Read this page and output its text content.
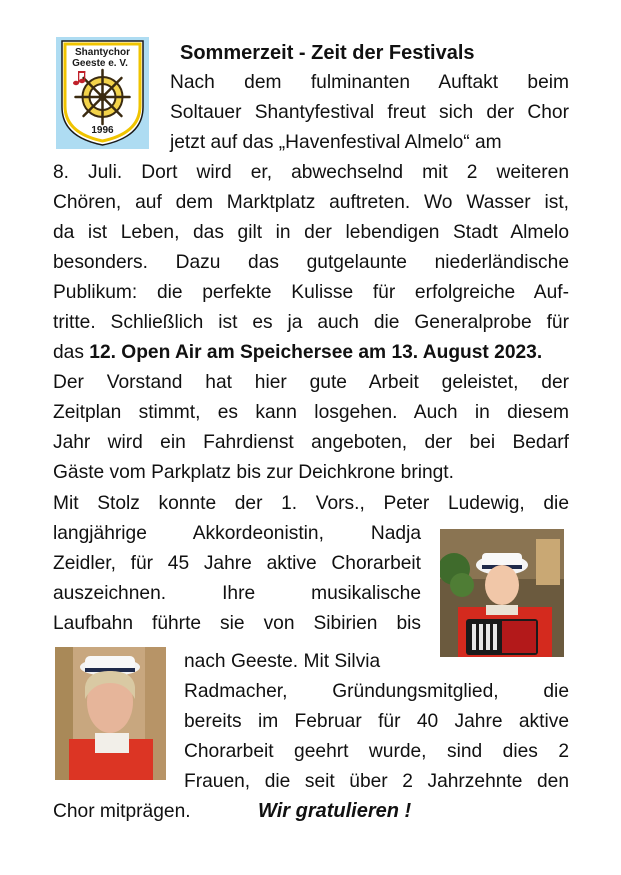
Shantychor
Geeste e. V.
1996
Sommerzeit - Zeit der Festivals
Nach dem fulminanten Auftakt beim
Soltauer Shantyfestival freut sich der Chor
jetzt auf das „Havenfestival Almelo“ am
8. Juli. Dort wird er, abwechselnd mit 2 weiteren
Chören, auf dem Marktplatz auftreten. Wo Wasser ist,
da ist Leben, das gilt in der lebendigen Stadt Almelo
besonders. Dazu das gutgelaunte niederländische
Publikum: die perfekte Kulisse für erfolgreiche Auf-
tritte. Schließlich ist es ja auch die Generalprobe für
das 12. Open Air am Speichersee am 13. August 2023.
Der Vorstand hat hier gute Arbeit geleistet, der
Zeitplan stimmt, es kann losgehen. Auch in diesem
Jahr wird ein Fahrdienst angeboten, der bei Bedarf
Gäste vom Parkplatz bis zur Deichkrone bringt.
Mit Stolz konnte der 1. Vors., Peter Ludewig, die
langjährige Akkordeonistin, Nadja
Zeidler, für 45 Jahre aktive Chorarbeit
auszeichnen. Ihre musikalische
Laufbahn führte sie von Sibirien bis
nach Geeste. Mit Silvia
Radmacher, Gründungsmitglied, die
bereits im Februar für 40 Jahre aktive
Chorarbeit geehrt wurde, sind dies 2
Frauen, die seit über 2 Jahrzehnte den
Chor mitprägen.	Wir gratulieren !
